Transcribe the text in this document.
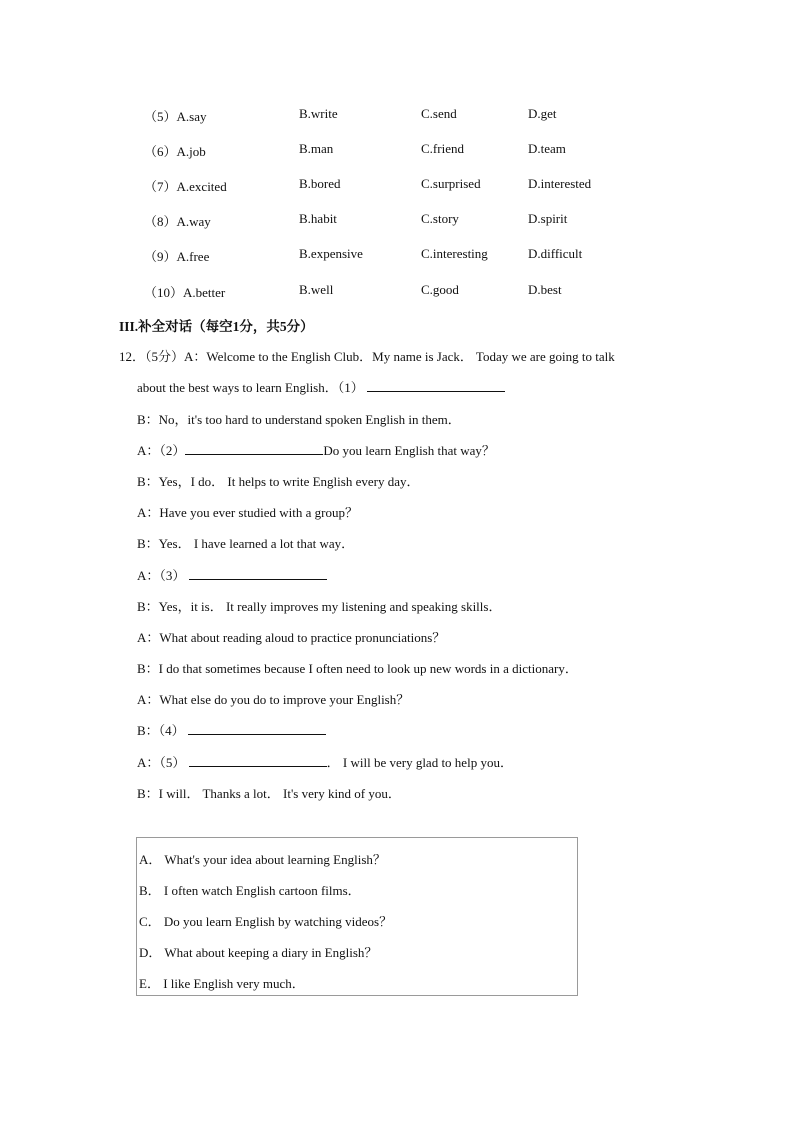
（5）A.say	B.write	C.send	D.get
（6）A.job	B.man	C.friend	D.team
（7）A.excited	B.bored	C.surprised	D.interested
（8）A.way	B.habit	C.story	D.spirit
（9）A.free	B.expensive	C.interesting	D.difficult
（10）A.better	B.well	C.good	D.best
III.补全对话（每空1分，共5分）
12．（5分）A：Welcome to the English Club．My name is Jack． Today we are going to talk
about the best ways to learn English．（1）
B：No，it's too hard to understand spoken English in them．
A：（2）	Do you learn English that way？
B：Yes，I do． It helps to write English every day．
A：Have you ever studied with a group？
B：Yes． I have learned a lot that way．
A：（3）
B：Yes，it is． It really improves my listening and speaking skills．
A：What about reading aloud to practice pronunciations？
B：I do that sometimes because I often need to look up new words in a dictionary．
A：What else do you do to improve your English？
B：（4）
A：（5）	． I will be very glad to help you．
B：I will． Thanks a lot． It's very kind of you．
A． What's your idea about learning English？
B． I often watch English cartoon films．
C． Do you learn English by watching videos？
D． What about keeping a diary in English？
E． I like English very much．
